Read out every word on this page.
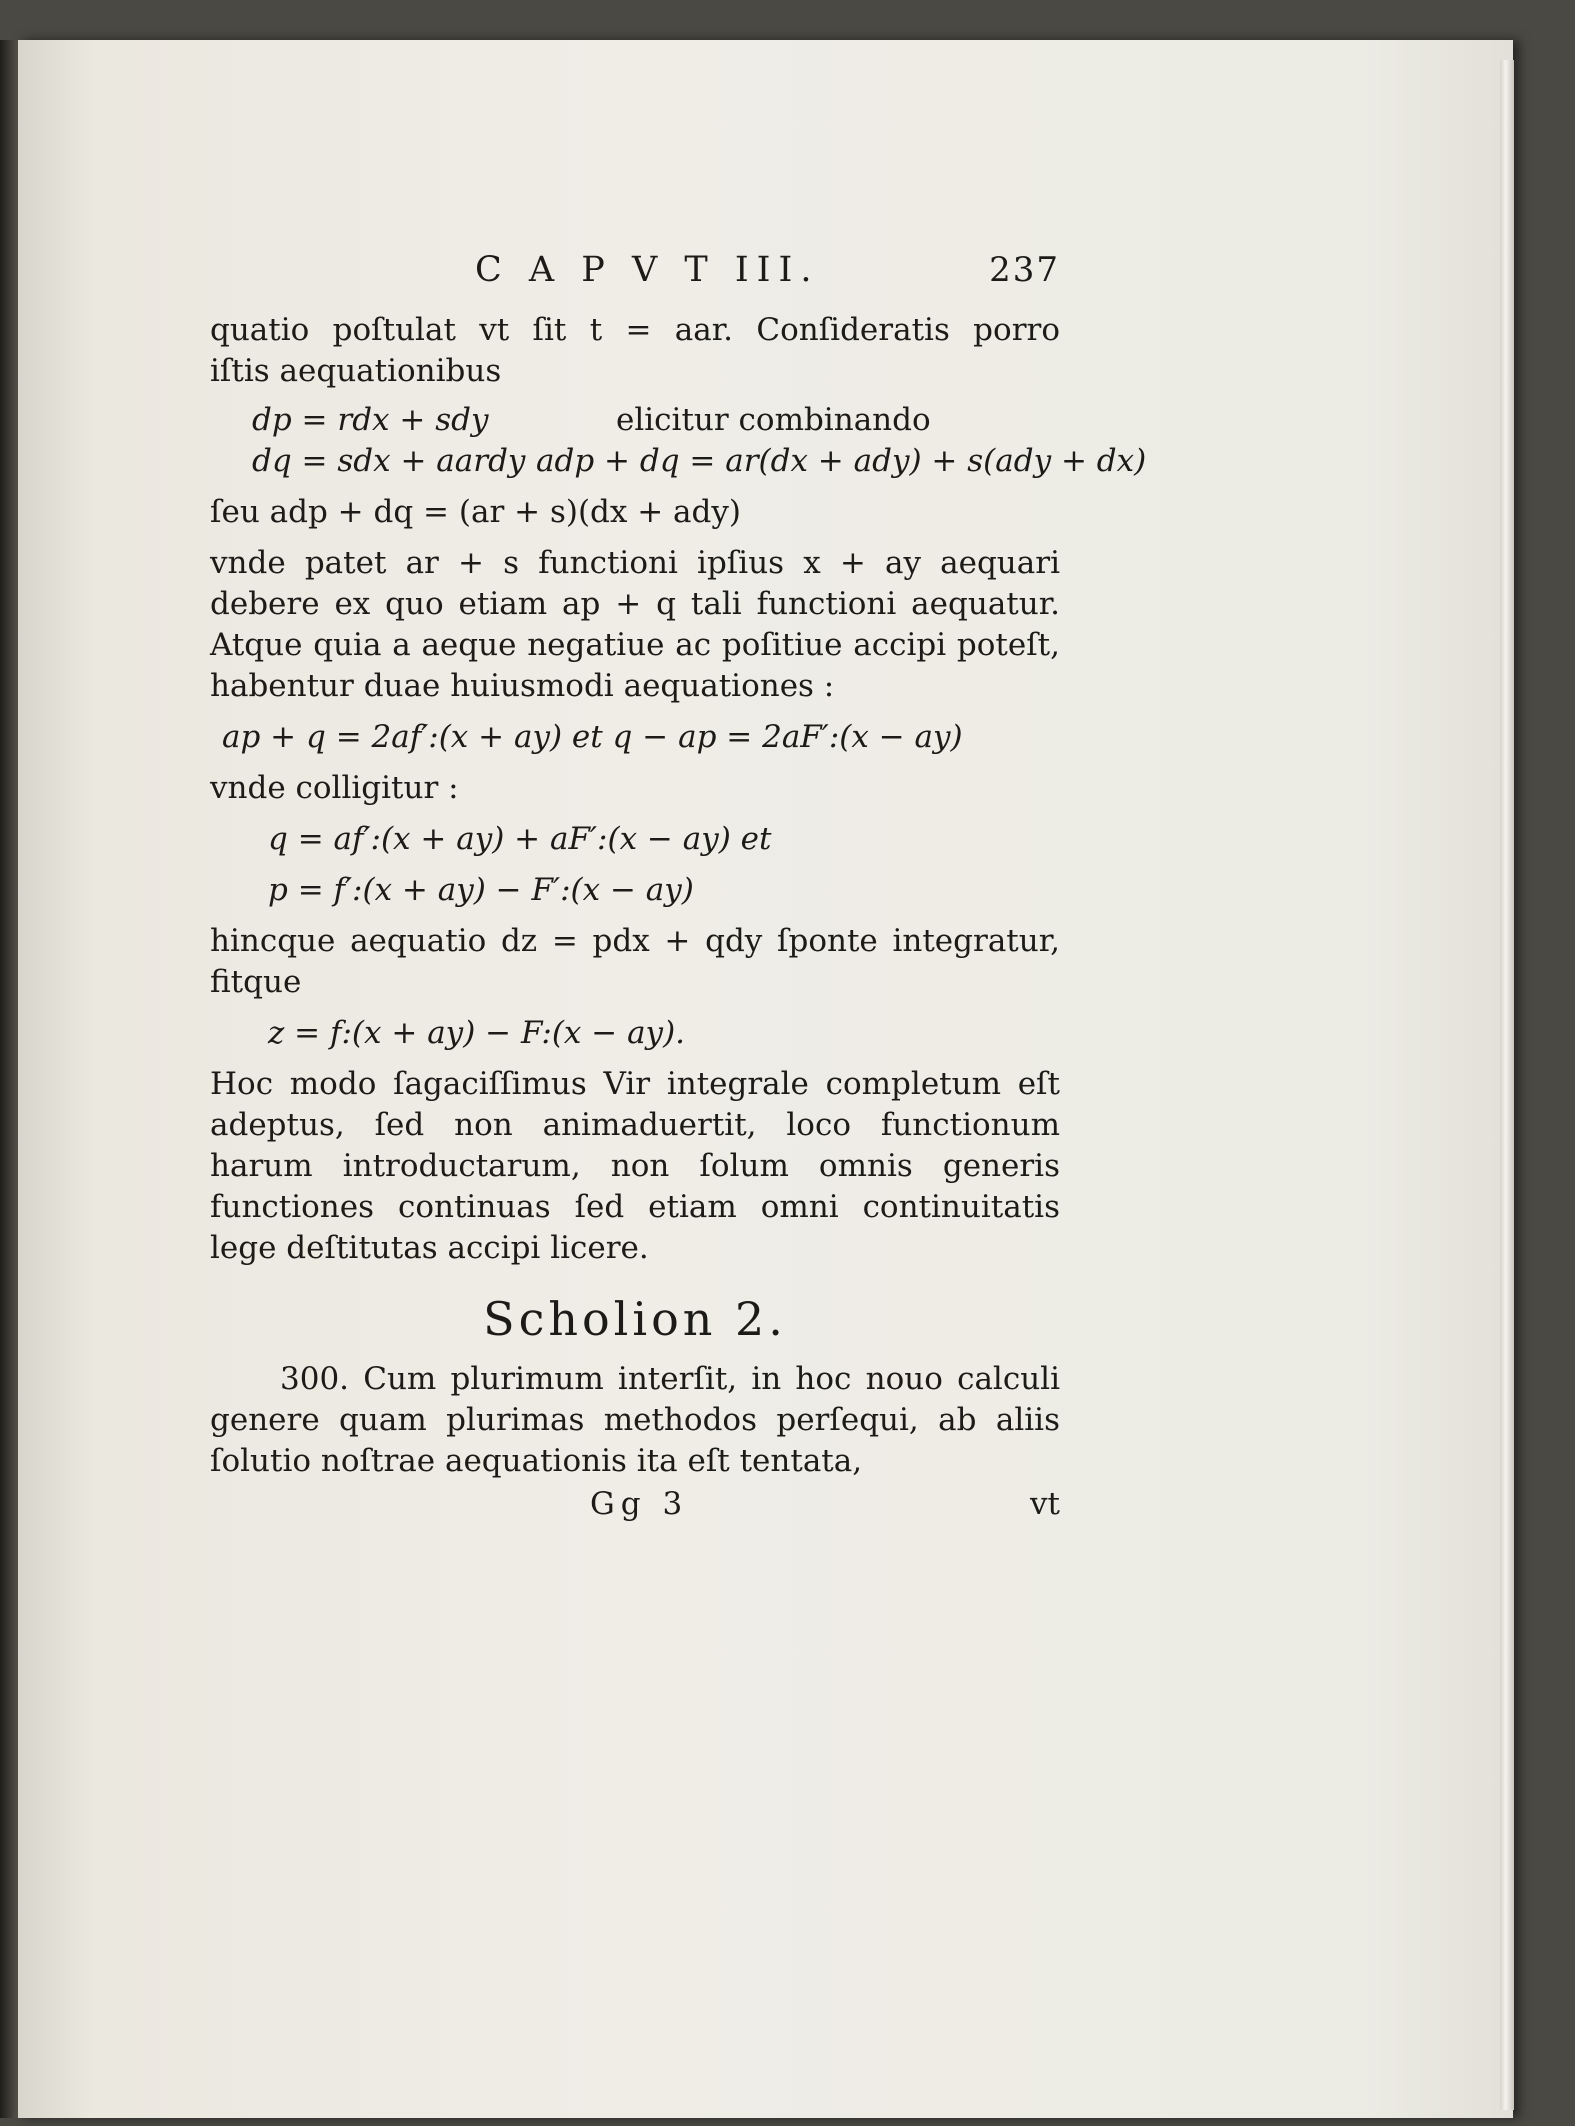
C A P V T III.	237

quatio poſtulat vt ſit t = aar. Conſideratis porro

iſtis aequationibus

dp = rdx + sdy
dq = sdx + aardy
elicitur combinando
adp + dq = ar(dx + ady) + s(ady + dx)

ſeu adp + dq = (ar + s)(dx + ady)

vnde patet ar + s functioni ipſius x + ay aequari debere ex quo etiam ap + q tali functioni aequatur. Atque quia a aeque negatiue ac poſitiue accipi poteſt, habentur duae huiusmodi aequationes :

ap + q = 2af′:(x + ay) et q − ap = 2aF′:(x − ay)

vnde colligitur :

q = af′:(x + ay) + aF′:(x − ay) et

p = f′:(x + ay) − F′:(x − ay)

hincque aequatio dz = pdx + qdy ſponte integratur, fitque

z = f:(x + ay) − F:(x − ay).

Hoc modo ſagaciſſimus Vir integrale completum eſt adeptus, ſed non animaduertit, loco functionum harum introductarum, non ſolum omnis generis functiones continuas ſed etiam omni continuitatis lege deſtitutas accipi licere.

Scholion 2.

300. Cum plurimum interſit, in hoc nouo calculi genere quam plurimas methodos perſequi, ab aliis ſolutio noſtrae aequationis ita eſt tentata,

Gg 3	vt
